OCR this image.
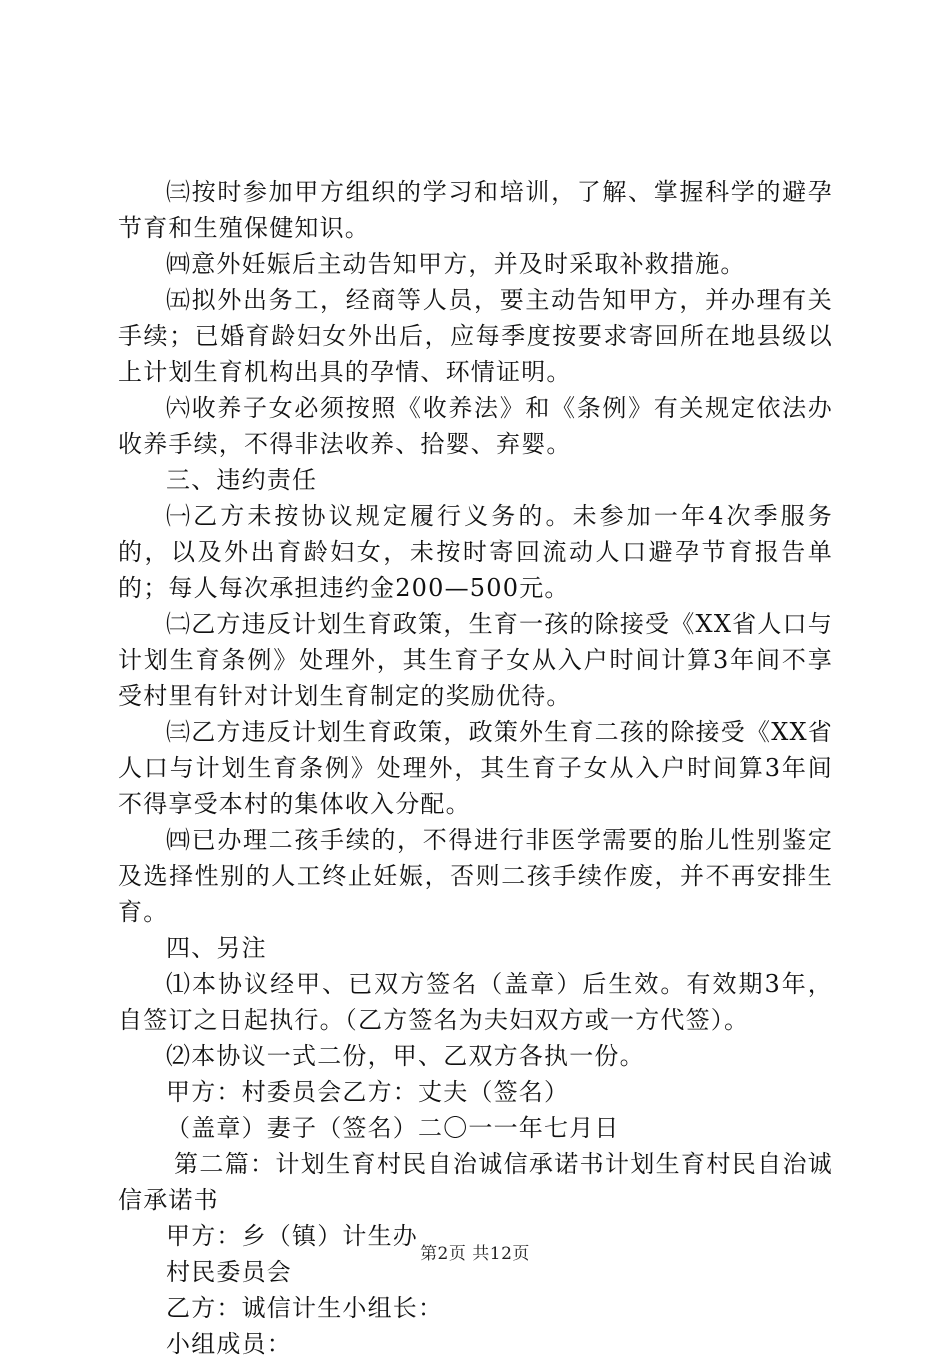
㈢按时参加甲方组织的学习和培训，了解、掌握科学的避孕节育和生殖保健知识。

㈣意外妊娠后主动告知甲方，并及时采取补救措施。

㈤拟外出务工，经商等人员，要主动告知甲方，并办理有关手续；已婚育龄妇女外出后，应每季度按要求寄回所在地县级以上计划生育机构出具的孕情、环情证明。

㈥收养子女必须按照《收养法》和《条例》有关规定依法办收养手续，不得非法收养、拾婴、弃婴。

三、违约责任

㈠乙方未按协议规定履行义务的。未参加一年4次季服务的，以及外出育龄妇女，未按时寄回流动人口避孕节育报告单的；每人每次承担违约金200—500元。

㈡乙方违反计划生育政策，生育一孩的除接受《XX省人口与计划生育条例》处理外，其生育子女从入户时间计算3年间不享受村里有针对计划生育制定的奖励优待。

㈢乙方违反计划生育政策，政策外生育二孩的除接受《XX省人口与计划生育条例》处理外，其生育子女从入户时间算3年间不得享受本村的集体收入分配。

㈣已办理二孩手续的，不得进行非医学需要的胎儿性别鉴定及选择性别的人工终止妊娠，否则二孩手续作废，并不再安排生育。

四、另注

⑴本协议经甲、已双方签名（盖章）后生效。有效期3年，自签订之日起执行。（乙方签名为夫妇双方或一方代签）。

⑵本协议一式二份，甲、乙双方各执一份。

甲方：村委员会乙方：丈夫（签名）

（盖章）妻子（签名）二〇一一年七月日

第二篇：计划生育村民自治诚信承诺书计划生育村民自治诚信承诺书

甲方：乡（镇）计生办

村民委员会

乙方：诚信计生小组长：

小组成员：

第2页 共12页
